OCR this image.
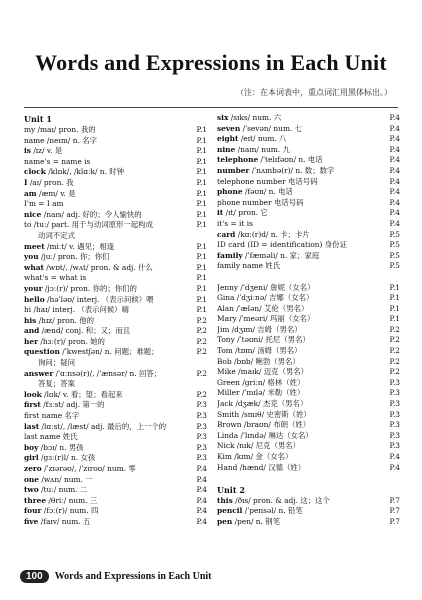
Words and Expressions in Each Unit
（注：在本词表中，重点词汇用黑体标出。）
Unit 1
my /maɪ/ pron. 我的	P.1
name /neɪm/ n. 名字	P.1
is /ɪz/ v. 是	P.1
name's = name is	P.1
clock /klɒk/, /klɑːk/ n. 时钟	P.1
I /aɪ/ pron. 我	P.1
am /æm/ v. 是	P.1
I'm = I am	P.1
nice /naɪs/ adj. 好的；令人愉快的	P.1
to /tuː/ part. 用于与动词原形一起构成	P.1
动词不定式
meet /miːt/ v. 遇见；相逢	P.1
you /juː/ pron. 你；你们	P.1
what /wɒt/, /wʌt/ pron. & adj. 什么	P.1
what's = what is	P.1
your /jɔː(r)/ pron. 你的；你们的	P.1
hello /həˈləʊ/ interj. （表示问候）喂	P.1
hi /haɪ/ interj. （表示问候）嗨	P.1
his /hɪz/ pron. 他的	P.2
and /ænd/ conj. 和；又；而且	P.2
her /hɜː(r)/ pron. 她的	P.2
question /ˈkwestʃən/ n. 问题；难题；	P.2
询问；疑问
answer /ˈɑːnsə(r)/, /ˈænsər/ n. 回答；	P.2
答复；答案
look /lʊk/ v. 看；望；看起来	P.2
first /fɜːst/ adj. 第一的	P.3
first name 名字	P.3
last /lɑːst/, /læst/ adj. 最后的，上一个的	P.3
last name 姓氏	P.3
boy /bɔɪ/ n. 男孩	P.3
girl /gɜː(r)l/ n. 女孩	P.3
zero /ˈzɪərəʊ/, /ˈzɪroʊ/ num. 零	P.4
one /wʌn/ num. 一	P.4
two /tuː/ num. 二	P.4
three /θriː/ num. 三	P.4
four /fɔː(r)/ num. 四	P.4
five /faɪv/ num. 五	P.4
six /sɪks/ num. 六	P.4
seven /ˈsevən/ num. 七	P.4
eight /eɪt/ num. 八	P.4
nine /naɪn/ num. 九	P.4
telephone /ˈtelɪfəʊn/ n. 电话	P.4
number /ˈnʌmbə(r)/ n. 数；数字	P.4
telephone number 电话号码	P.4
phone /fəʊn/ n. 电话	P.4
phone number 电话号码	P.4
it /ɪt/ pron. 它	P.4
it's = it is	P.4
card /kɑː(r)d/ n. 卡；卡片	P.5
ID card (ID = identification) 身份证	P.5
family /ˈfæməli/ n. 家；家庭	P.5
family name 姓氏	P.5
Jenny /ˈdʒeni/ 詹妮（女名）	P.1
Gina /ˈdʒiːnə/ 吉娜（女名）	P.1
Alan /ˈælən/ 艾伦（男名）	P.1
Mary /ˈmeəri/ 玛丽（女名）	P.1
Jim /dʒɪm/ 吉姆（男名）	P.2
Tony /ˈtəʊni/ 托尼（男名）	P.2
Tom /tɒm/ 汤姆（男名）	P.2
Bob /bɒb/ 鲍勃（男名）	P.2
Mike /maɪk/ 迈克（男名）	P.2
Green /griːn/ 格林（姓）	P.3
Miller /ˈmɪlə/ 米勒（姓）	P.3
Jack /dʒæk/ 杰克（男名）	P.3
Smith /smɪθ/ 史密斯（姓）	P.3
Brown /braʊn/ 布朗（姓）	P.3
Linda /ˈlɪndə/ 琳达（女名）	P.3
Nick /nɪk/ 尼克（男名）	P.3
Kim /kɪm/ 金（女名）	P.4
Hand /hænd/ 汉德（姓）	P.4
Unit 2
this /ðɪs/ pron. & adj. 这；这个	P.7
pencil /ˈpensəl/ n. 铅笔	P.7
pen /pen/ n. 钢笔	P.7
100	Words and Expressions in Each Unit
